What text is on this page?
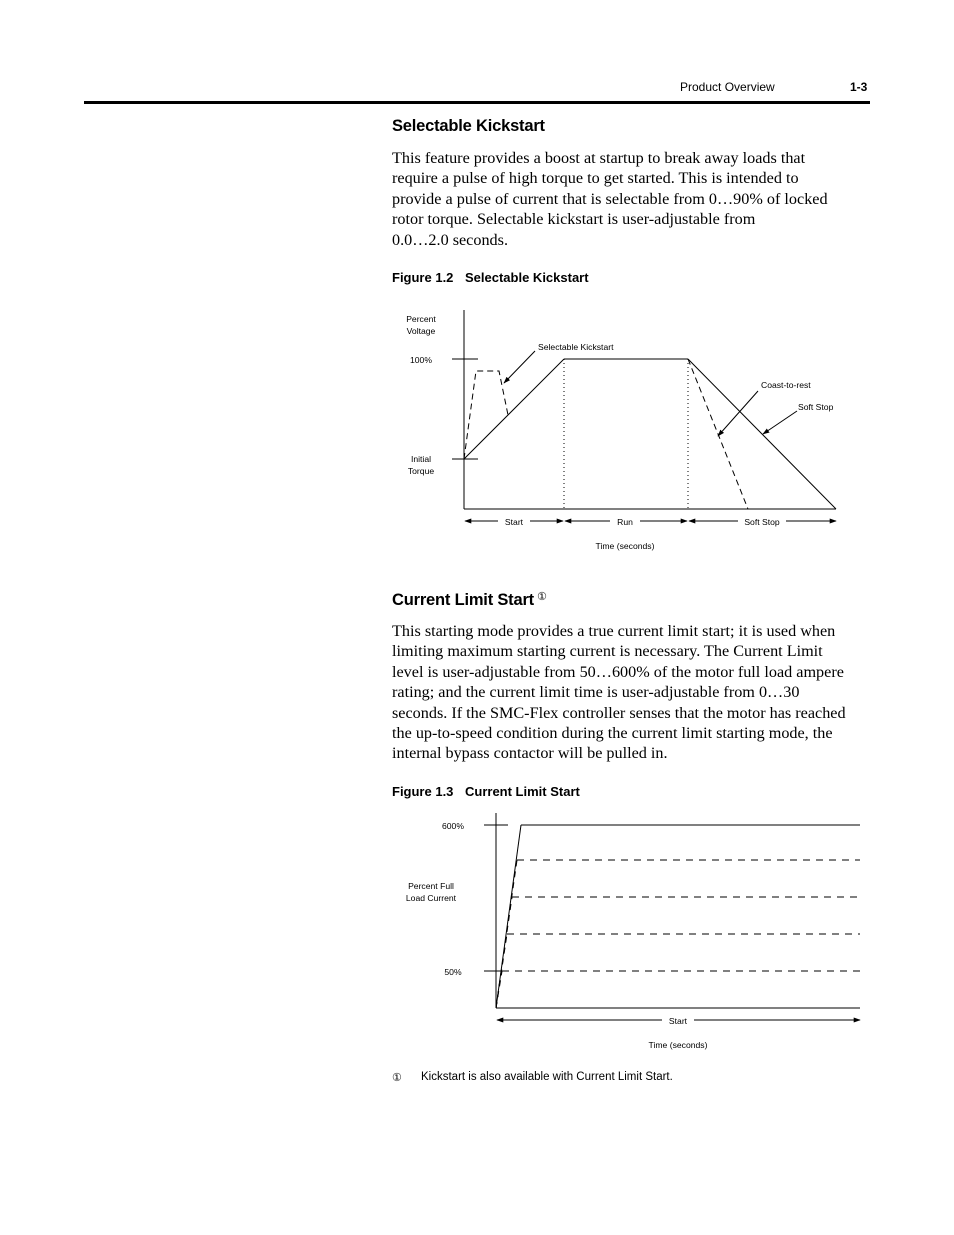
Product Overview	1-3
Selectable Kickstart
This feature provides a boost at startup to break away loads that
require a pulse of high torque to get started. This is intended to
provide a pulse of current that is selectable from 0…90% of locked
rotor torque. Selectable kickstart is user-adjustable from
0.0…2.0 seconds.
Figure 1.2 Selectable Kickstart
Percent
Voltage
100%
Initial
Torque
Selectable Kickstart
Coast-to-rest
Soft Stop
Start	Run	Soft Stop
Time (seconds)
Current Limit Start ①
This starting mode provides a true current limit start; it is used when
limiting maximum starting current is necessary. The Current Limit
level is user-adjustable from 50…600% of the motor full load ampere
rating; and the current limit time is user-adjustable from 0…30
seconds. If the SMC-Flex controller senses that the motor has reached
the up-to-speed condition during the current limit starting mode, the
internal bypass contactor will be pulled in.
Figure 1.3 Current Limit Start
600%
Percent Full
Load Current
50%
Start
Time (seconds)
① Kickstart is also available with Current Limit Start.
